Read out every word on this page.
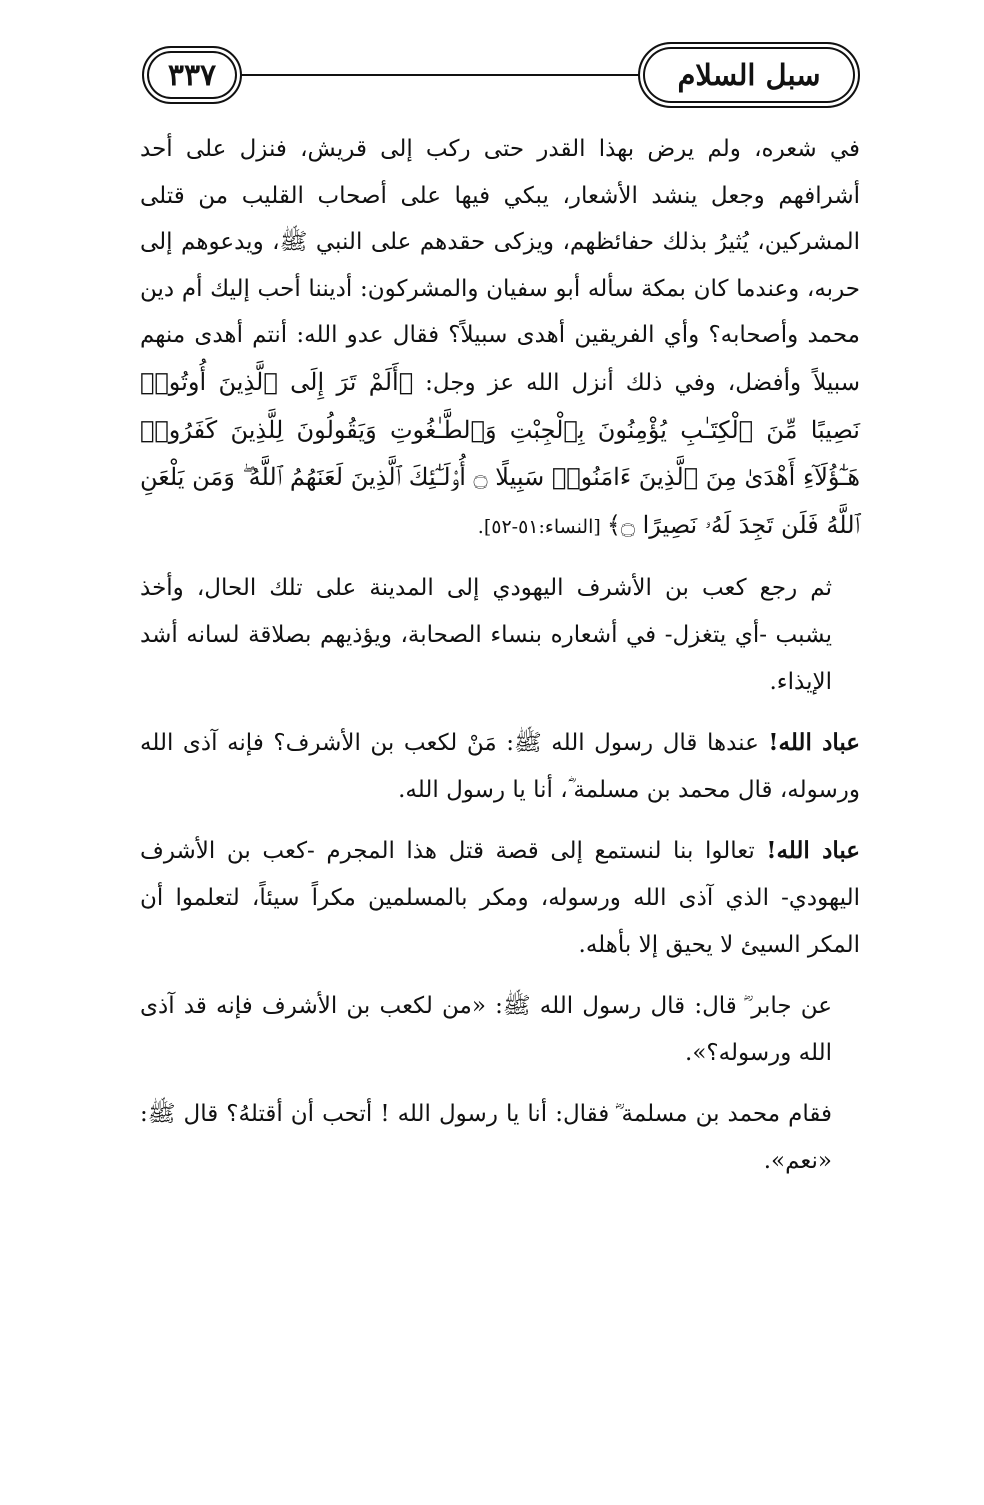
٣٣٧	سبل السلام

في شعره، ولم يرض بهذا القدر حتى ركب إلى قريش، فنزل على أحد أشرافهم وجعل ينشد الأشعار، يبكي فيها على أصحاب القليب من قتلى المشركين، يُثيرُ بذلك حفائظهم، ويزكى حقدهم على النبي ﷺ، ويدعوهم إلى حربه، وعندما كان بمكة سأله أبو سفيان والمشركون: أديننا أحب إليك أم دين محمد وأصحابه؟ وأي الفريقين أهدى سبيلاً؟ فقال عدو الله: أنتم أهدى منهم سبيلاً وأفضل، وفي ذلك أنزل الله عز وجل: ﴿أَلَمْ تَرَ إِلَى ٱلَّذِينَ أُوتُوا۟ نَصِيبًا مِّنَ ٱلْكِتَـٰبِ يُؤْمِنُونَ بِٱلْجِبْتِ وَٱلطَّـٰغُوتِ وَيَقُولُونَ لِلَّذِينَ كَفَرُوا۟ هَـٰٓؤُلَآءِ أَهْدَىٰ مِنَ ٱلَّذِينَ ءَامَنُوا۟ سَبِيلًا ۝ أُو۟لَـٰٓئِكَ ٱلَّذِينَ لَعَنَهُمُ ٱللَّهُ ۖ وَمَن يَلْعَنِ ٱللَّهُ فَلَن تَجِدَ لَهُۥ نَصِيرًا ۝﴾ [النساء:٥١-٥٢].

ثم رجع كعب بن الأشرف اليهودي إلى المدينة على تلك الحال، وأخذ يشبب -أي يتغزل- في أشعاره بنساء الصحابة، ويؤذيهم بصلاقة لسانه أشد الإيذاء.

عباد الله! عندها قال رسول الله ﷺ: مَنْ لكعب بن الأشرف؟ فإنه آذى الله ورسوله، قال محمد بن مسلمة ؓ، أنا يا رسول الله.

عباد الله! تعالوا بنا لنستمع إلى قصة قتل هذا المجرم -كعب بن الأشرف اليهودي- الذي آذى الله ورسوله، ومكر بالمسلمين مكراً سيئاً، لتعلموا أن المكر السيئ لا يحيق إلا بأهله.

عن جابر ؓ قال: قال رسول الله ﷺ: «من لكعب بن الأشرف فإنه قد آذى الله ورسوله؟».

فقام محمد بن مسلمة ؓ فقال: أنا يا رسول الله ! أتحب أن أقتلهُ؟ قال ﷺ: «نعم».
